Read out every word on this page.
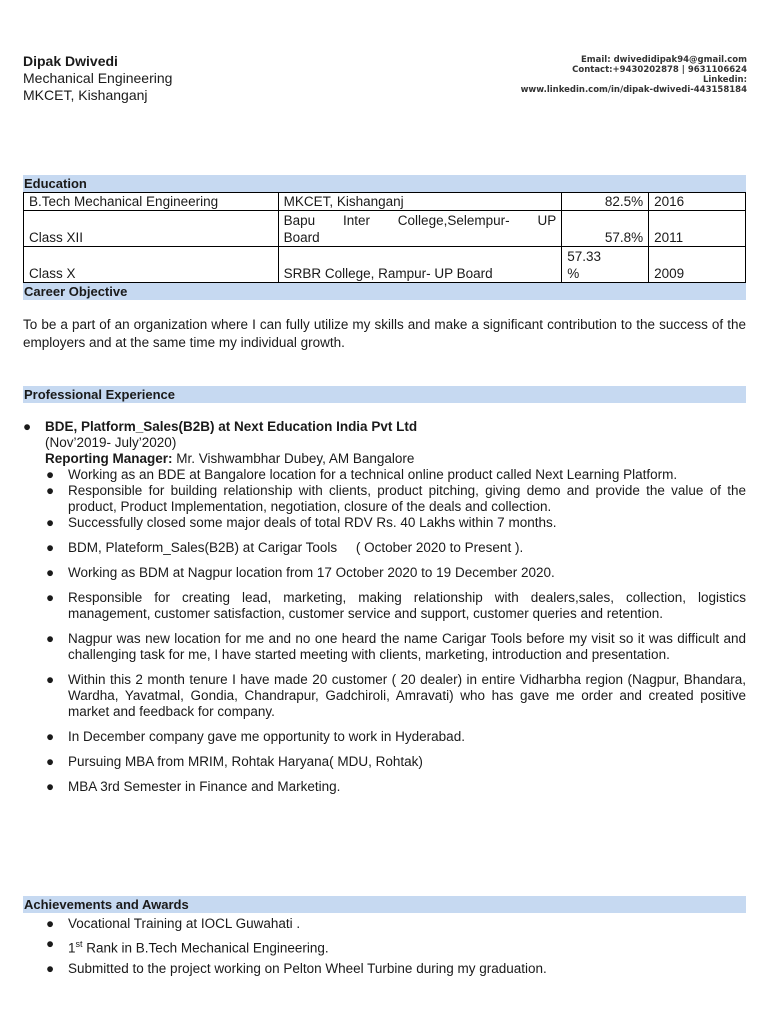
Dipak Dwivedi
Mechanical Engineering
MKCET, Kishanganj
Email: dwivedidipak94@gmail.com
Contact:+9430202878 | 9631106624
Linkedin:
www.linkedin.com/in/dipak-dwivedi-443158184
Education
B.Tech Mechanical Engineering	MKCET, Kishanganj	82.5%	2016
Class XII	Bapu Inter College,Selempur- UP Board	57.8%	2011
Class X	SRBR College, Rampur- UP Board	57.33 %	2009
Career Objective
To be a part of an organization where I can fully utilize my skills and make a significant contribution to the success of the employers and at the same time my individual growth.
Professional Experience
● BDE, Platform_Sales(B2B) at Next Education India Pvt Ltd
(Nov’2019- July’2020)
Reporting Manager: Mr. Vishwambhar Dubey, AM Bangalore
● Working as an BDE at Bangalore location for a technical online product called Next Learning Platform.
● Responsible for building relationship with clients, product pitching, giving demo and provide the value of the product, Product Implementation, negotiation, closure of the deals and collection.
● Successfully closed some major deals of total RDV Rs. 40 Lakhs within 7 months.
● BDM, Plateform_Sales(B2B) at Carigar Tools     ( October 2020 to Present ).
● Working as BDM at Nagpur location from 17 October 2020 to 19 December 2020.
● Responsible for creating lead, marketing, making relationship with dealers,sales, collection, logistics management, customer satisfaction, customer service and support, customer queries and retention.
● Nagpur was new location for me and no one heard the name Carigar Tools before my visit so it was difficult and challenging task for me, I have started meeting with clients, marketing, introduction and presentation.
● Within this 2 month tenure I have made 20 customer ( 20 dealer) in entire Vidharbha region (Nagpur, Bhandara, Wardha, Yavatmal, Gondia, Chandrapur, Gadchiroli, Amravati) who has gave me order and created positive market and feedback for company.
● In December company gave me opportunity to work in Hyderabad.
● Pursuing MBA from MRIM, Rohtak Haryana( MDU, Rohtak)
● MBA 3rd Semester in Finance and Marketing.
Achievements and Awards
● Vocational Training at IOCL Guwahati .
● 1st Rank in B.Tech Mechanical Engineering.
● Submitted to the project working on Pelton Wheel Turbine during my graduation.
